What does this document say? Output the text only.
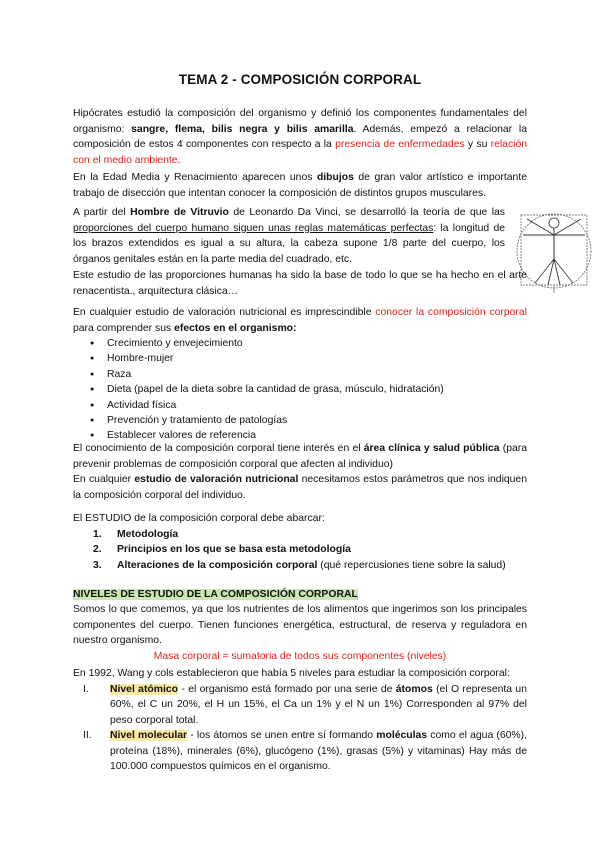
TEMA 2 - COMPOSICIÓN CORPORAL

Hipócrates estudió la composición del organismo y definió los componentes fundamentales del organismo: sangre, flema, bilis negra y bilis amarilla. Además, empezó a relacionar la composición de estos 4 componentes con respecto a la presencia de enfermedades y su relación con el medio ambiente.

En la Edad Media y Renacimiento aparecen unos dibujos de gran valor artístico e importante trabajo de disección que intentan conocer la composición de distintos grupos musculares.

A partir del Hombre de Vitruvio de Leonardo Da Vinci, se desarrolló la teoría de que las proporciones del cuerpo humano siguen unas reglas matemáticas perfectas: la longitud de los brazos extendidos es igual a su altura, la cabeza supone 1/8 parte del cuerpo, los órganos genitales están en la parte media del cuadrado, etc.

Este estudio de las proporciones humanas ha sido la base de todo lo que se ha hecho en el arte renacentista., arquitectura clásica…

En cualquier estudio de valoración nutricional es imprescindible conocer la composición corporal para comprender sus efectos en el organismo:

● Crecimiento y envejecimiento
● Hombre-mujer
● Raza
● Dieta (papel de la dieta sobre la cantidad de grasa, músculo, hidratación)
● Actividad física
● Prevención y tratamiento de patologías
● Establecer valores de referencia

El conocimiento de la composición corporal tiene interés en el área clínica y salud pública (para prevenir problemas de composición corporal que afecten al individuo)

En cualquier estudio de valoración nutricional necesitamos estos parámetros que nos indiquen la composición corporal del individuo.

El ESTUDIO de la composición corporal debe abarcar:

1. Metodología
2. Principios en los que se basa esta metodología
3. Alteraciones de la composición corporal (qué repercusiones tiene sobre la salud)

NIVELES DE ESTUDIO DE LA COMPOSICIÓN CORPORAL

Somos lo que comemos, ya que los nutrientes de los alimentos que ingerimos son los principales componentes del cuerpo. Tienen funciones energética, estructural, de reserva y reguladora en nuestro organismo.

Masa corporal = sumatoria de todos sus componentes (niveles)

En 1992, Wang y cols establecieron que había 5 niveles para estudiar la composición corporal:

I. Nivel atómico - el organismo está formado por una serie de átomos (el O representa un 60%, el C un 20%, el H un 15%, el Ca un 1% y el N un 1%) Corresponden al 97% del peso corporal total.
II. Nivel molecular - los átomos se unen entre sí formando moléculas como el agua (60%), proteína (18%), minerales (6%), glucógeno (1%), grasas (5%) y vitaminas) Hay más de 100.000 compuestos químicos en el organismo.
